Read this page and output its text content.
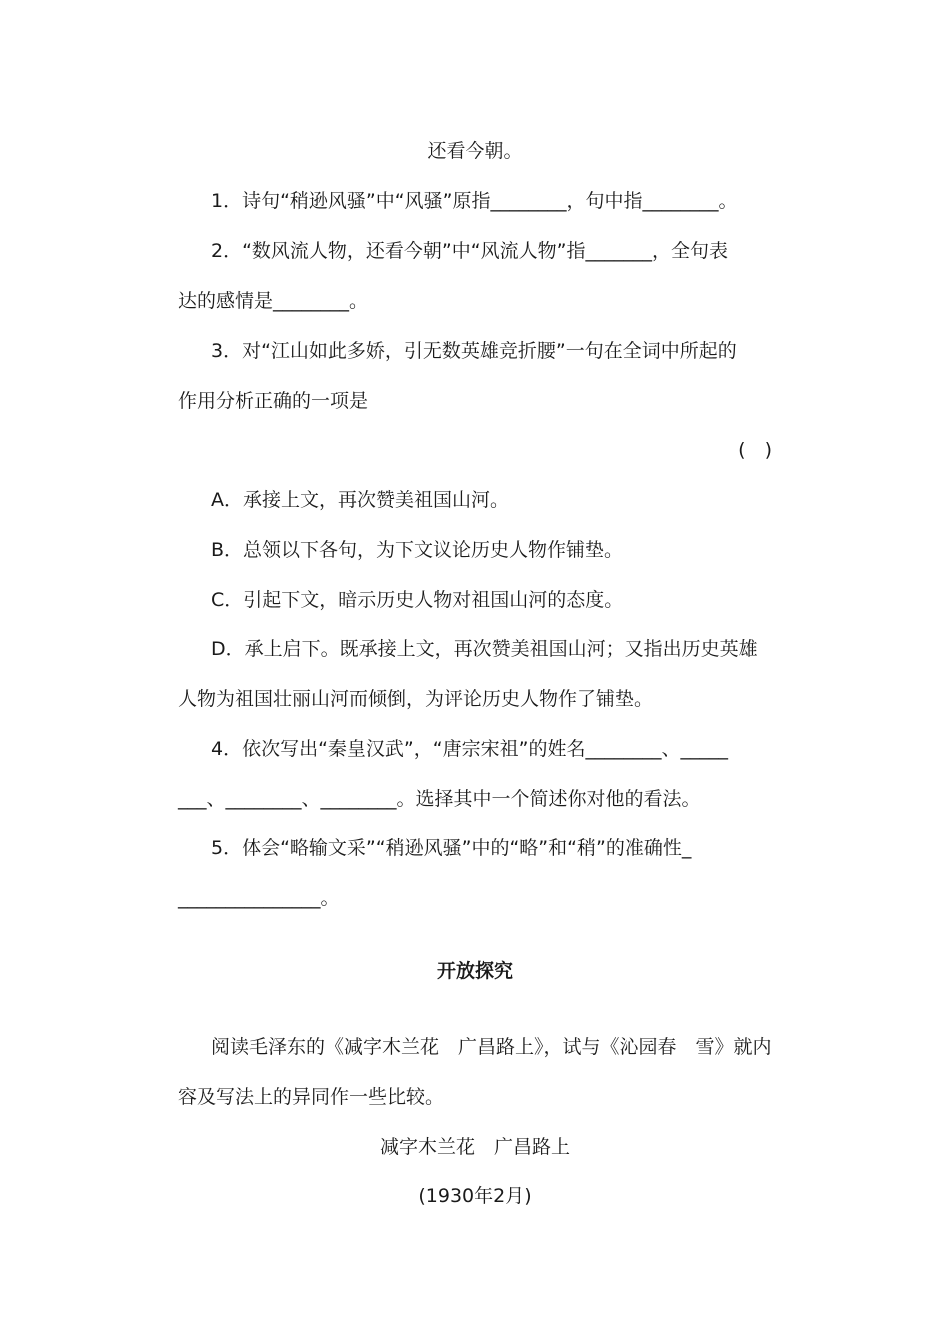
还看今朝。
1．诗句“稍逊风骚”中“风骚”原指________，句中指________。
2．“数风流人物，还看今朝”中“风流人物”指_______，全句表
达的感情是________。
3．对“江山如此多娇，引无数英雄竞折腰”一句在全词中所起的
作用分析正确的一项是
(　)
A．承接上文，再次赞美祖国山河。
B．总领以下各句，为下文议论历史人物作铺垫。
C．引起下文，暗示历史人物对祖国山河的态度。
D．承上启下。既承接上文，再次赞美祖国山河；又指出历史英雄
人物为祖国壮丽山河而倾倒，为评论历史人物作了铺垫。
4．依次写出“秦皇汉武”，“唐宗宋祖”的姓名________、_____
___、________、________。选择其中一个简述你对他的看法。
5．体会“略输文采”“稍逊风骚”中的“略”和“稍”的准确性_
_______________。
开放探究
阅读毛泽东的《减字木兰花　广昌路上》，试与《沁园春　雪》就内
容及写法上的异同作一些比较。
减字木兰花　广昌路上
(1930年2月)
